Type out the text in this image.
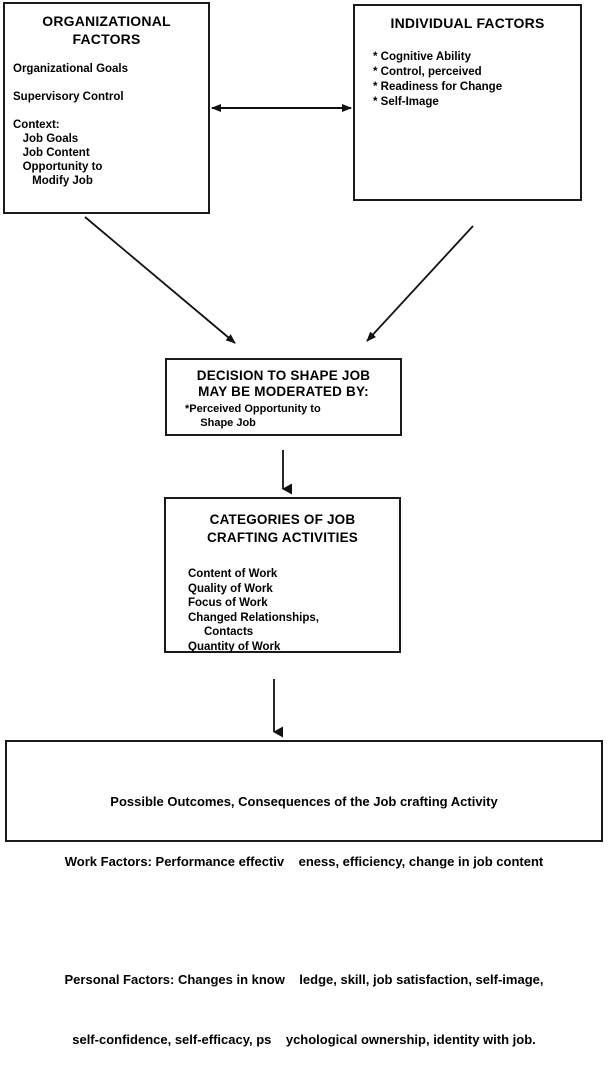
ORGANIZATIONAL
FACTORS
Organizational Goals
Supervisory Control
Context:
Job Goals
Job Content
Opportunity to
Modify Job
INDIVIDUAL FACTORS
* Cognitive Ability
* Control, perceived
* Readiness for Change
* Self-Image
DECISION TO SHAPE JOB
MAY BE MODERATED BY:
*Perceived Opportunity to
Shape Job
CATEGORIES OF JOB
CRAFTING ACTIVITIES
Content of Work
Quality of Work
Focus of Work
Changed Relationships,
Contacts
Quantity of Work

Possible Outcomes, Consequences of the Job crafting Activity

Work Factors: Performance effectiv    eness, efficiency, change in job content

Personal Factors: Changes in know    ledge, skill, job satisfaction, self-image,

self-confidence, self-efficacy, ps    ychological ownership, identity with job.
